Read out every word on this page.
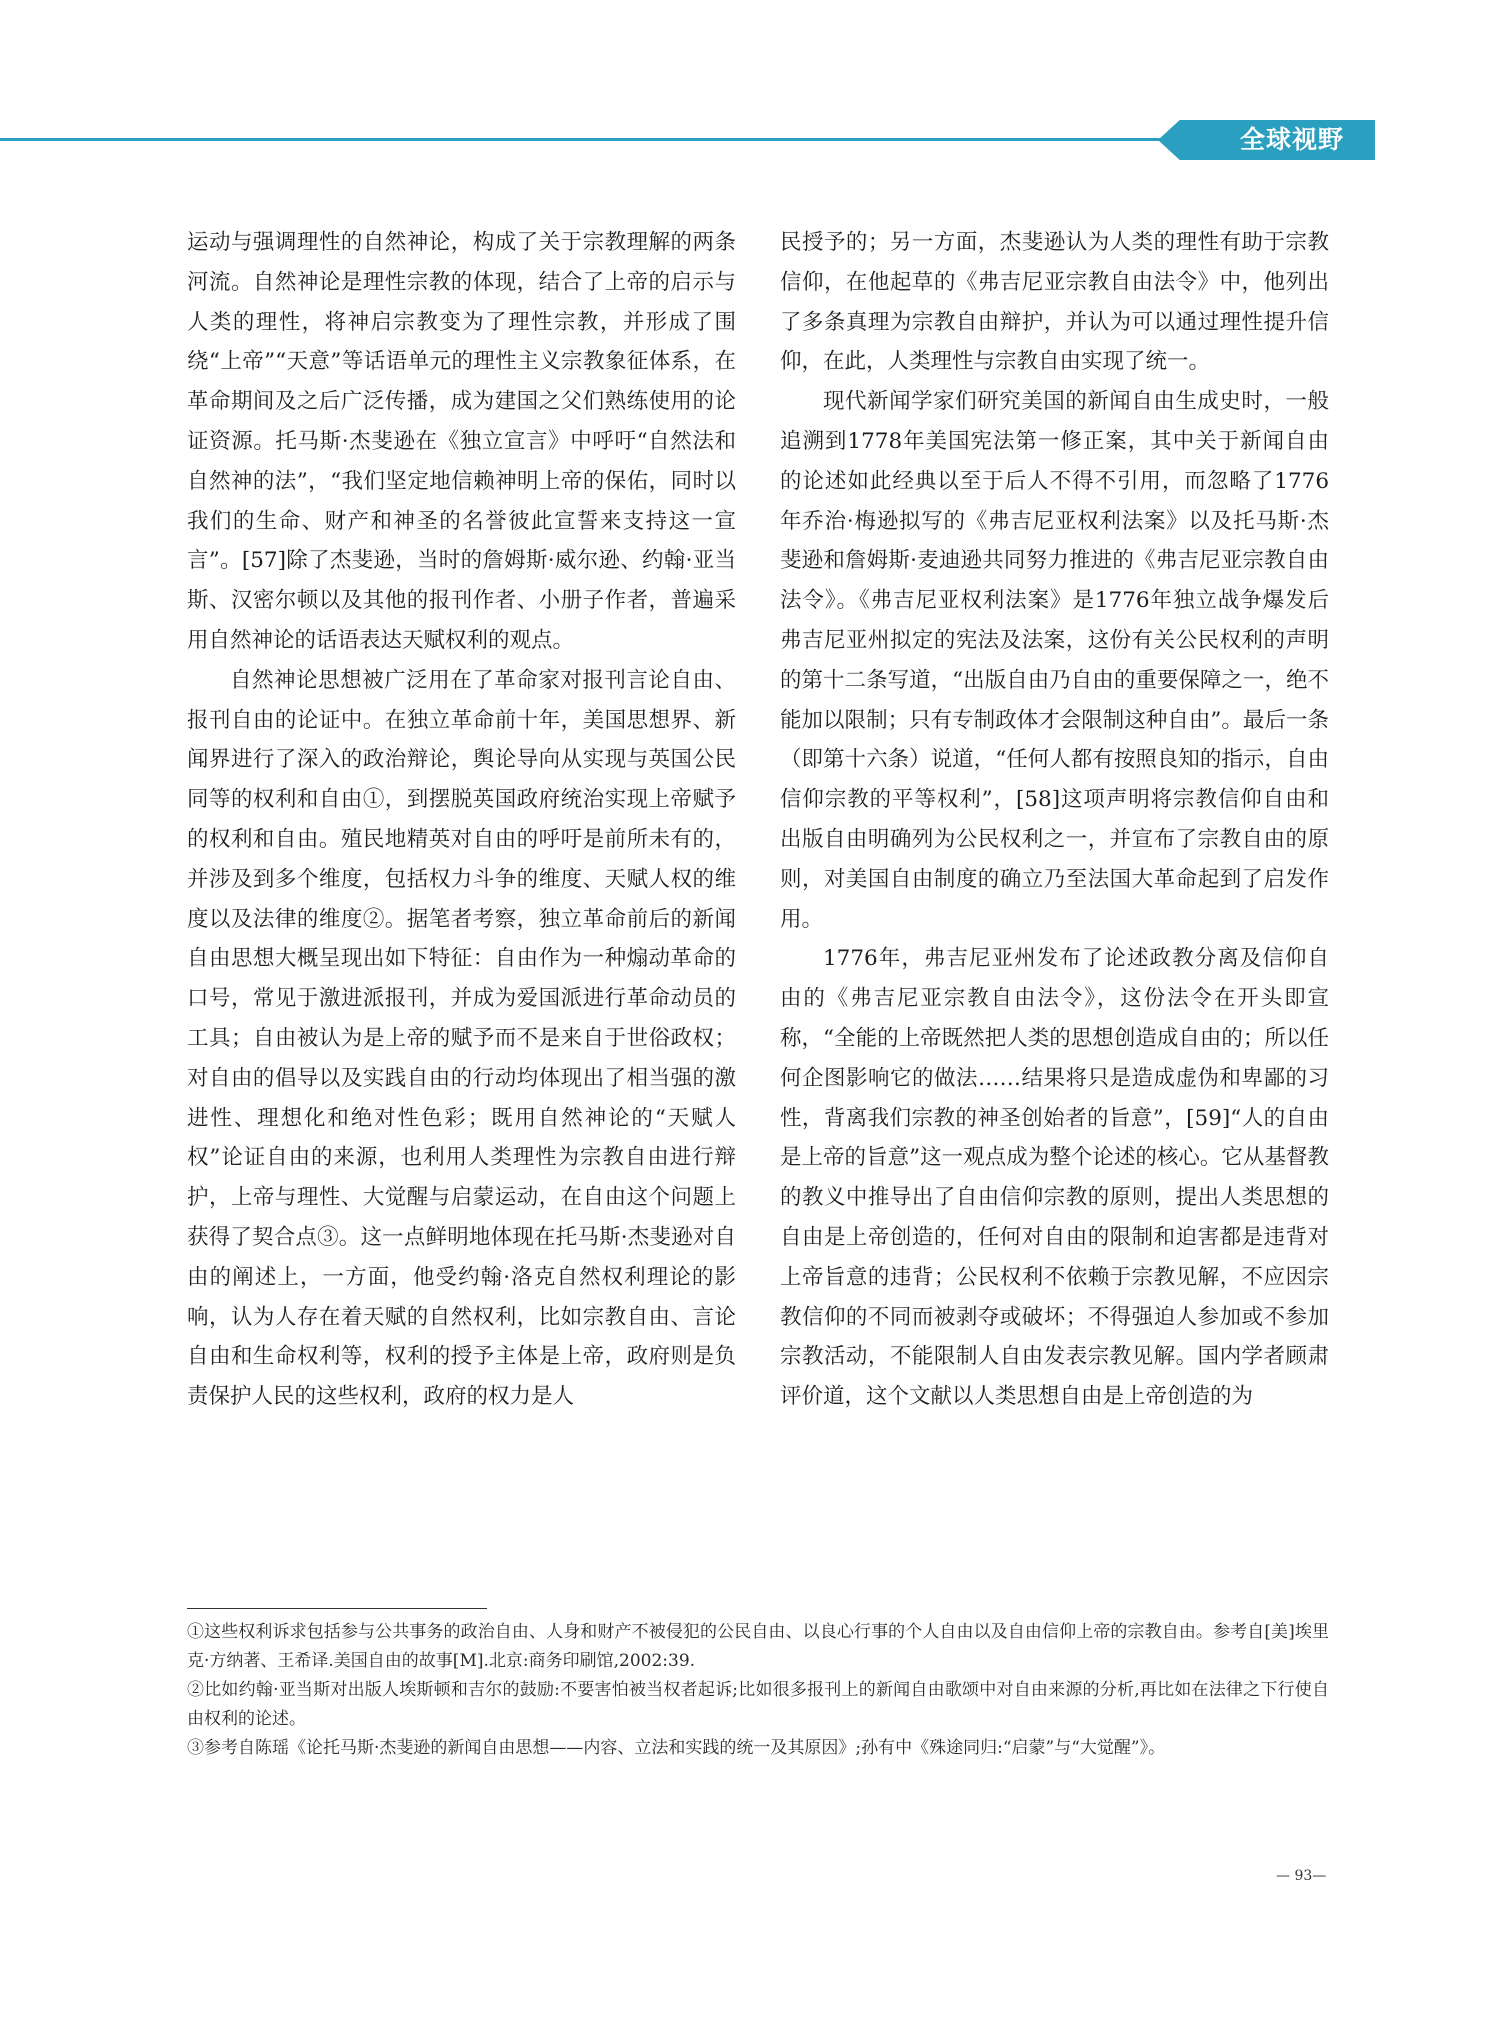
全球视野

运动与强调理性的自然神论，构成了关于宗教理解的两条河流。自然神论是理性宗教的体现，结合了上帝的启示与人类的理性，将神启宗教变为了理性宗教，并形成了围绕“上帝”“天意”等话语单元的理性主义宗教象征体系，在革命期间及之后广泛传播，成为建国之父们熟练使用的论证资源。托马斯·杰斐逊在《独立宣言》中呼吁“自然法和自然神的法”，“我们坚定地信赖神明上帝的保佑，同时以我们的生命、财产和神圣的名誉彼此宣誓来支持这一宣言”。[57]除了杰斐逊，当时的詹姆斯·威尔逊、约翰·亚当斯、汉密尔顿以及其他的报刊作者、小册子作者，普遍采用自然神论的话语表达天赋权利的观点。

自然神论思想被广泛用在了革命家对报刊言论自由、报刊自由的论证中。在独立革命前十年，美国思想界、新闻界进行了深入的政治辩论，舆论导向从实现与英国公民同等的权利和自由①，到摆脱英国政府统治实现上帝赋予的权利和自由。殖民地精英对自由的呼吁是前所未有的，并涉及到多个维度，包括权力斗争的维度、天赋人权的维度以及法律的维度②。据笔者考察，独立革命前后的新闻自由思想大概呈现出如下特征：自由作为一种煽动革命的口号，常见于激进派报刊，并成为爱国派进行革命动员的工具；自由被认为是上帝的赋予而不是来自于世俗政权；对自由的倡导以及实践自由的行动均体现出了相当强的激进性、理想化和绝对性色彩；既用自然神论的“天赋人权”论证自由的来源，也利用人类理性为宗教自由进行辩护，上帝与理性、大觉醒与启蒙运动，在自由这个问题上获得了契合点③。这一点鲜明地体现在托马斯·杰斐逊对自由的阐述上，一方面，他受约翰·洛克自然权利理论的影响，认为人存在着天赋的自然权利，比如宗教自由、言论自由和生命权利等，权利的授予主体是上帝，政府则是负责保护人民的这些权利，政府的权力是人

民授予的；另一方面，杰斐逊认为人类的理性有助于宗教信仰，在他起草的《弗吉尼亚宗教自由法令》中，他列出了多条真理为宗教自由辩护，并认为可以通过理性提升信仰，在此，人类理性与宗教自由实现了统一。

现代新闻学家们研究美国的新闻自由生成史时，一般追溯到1778年美国宪法第一修正案，其中关于新闻自由的论述如此经典以至于后人不得不引用，而忽略了1776年乔治·梅逊拟写的《弗吉尼亚权利法案》以及托马斯·杰斐逊和詹姆斯·麦迪逊共同努力推进的《弗吉尼亚宗教自由法令》。《弗吉尼亚权利法案》是1776年独立战争爆发后弗吉尼亚州拟定的宪法及法案，这份有关公民权利的声明的第十二条写道，“出版自由乃自由的重要保障之一，绝不能加以限制；只有专制政体才会限制这种自由”。最后一条（即第十六条）说道，“任何人都有按照良知的指示，自由信仰宗教的平等权利”，[58]这项声明将宗教信仰自由和出版自由明确列为公民权利之一，并宣布了宗教自由的原则，对美国自由制度的确立乃至法国大革命起到了启发作用。

1776年，弗吉尼亚州发布了论述政教分离及信仰自由的《弗吉尼亚宗教自由法令》，这份法令在开头即宣称，“全能的上帝既然把人类的思想创造成自由的；所以任何企图影响它的做法……结果将只是造成虚伪和卑鄙的习性，背离我们宗教的神圣创始者的旨意”，[59]“人的自由是上帝的旨意”这一观点成为整个论述的核心。它从基督教的教义中推导出了自由信仰宗教的原则，提出人类思想的自由是上帝创造的，任何对自由的限制和迫害都是违背对上帝旨意的违背；公民权利不依赖于宗教见解，不应因宗教信仰的不同而被剥夺或破坏；不得强迫人参加或不参加宗教活动，不能限制人自由发表宗教见解。国内学者顾肃评价道，这个文献以人类思想自由是上帝创造的为

①这些权利诉求包括参与公共事务的政治自由、人身和财产不被侵犯的公民自由、以良心行事的个人自由以及自由信仰上帝的宗教自由。参考自[美]埃里克·方纳著、王希译.美国自由的故事[M].北京:商务印刷馆,2002:39.

②比如约翰·亚当斯对出版人埃斯顿和吉尔的鼓励:不要害怕被当权者起诉;比如很多报刊上的新闻自由歌颂中对自由来源的分析,再比如在法律之下行使自由权利的论述。

③参考自陈瑶《论托马斯·杰斐逊的新闻自由思想——内容、立法和实践的统一及其原因》;孙有中《殊途同归:“启蒙”与“大觉醒”》。

— 93—
